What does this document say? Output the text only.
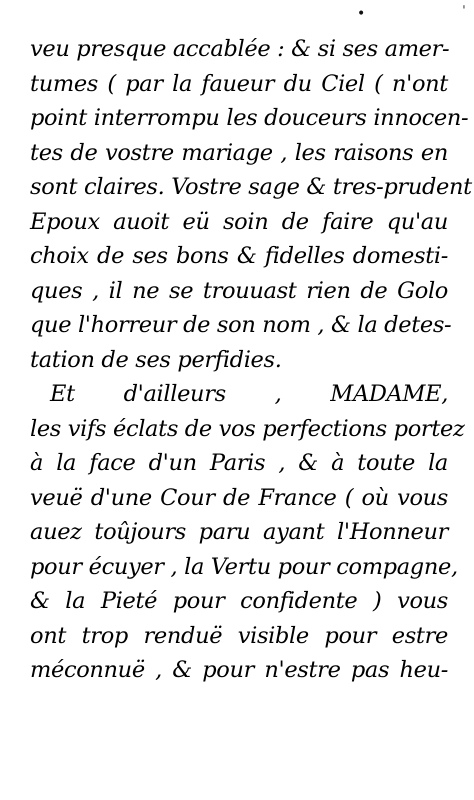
•	ˈ
veu presque accablée : & si ses amer-
tumes ( par la faueur du Ciel ( n'ont
point interrompu les douceurs innocen-
tes de vostre mariage , les raisons en
sont claires. Vostre sage & tres-prudent
Epoux auoit eü soin de faire qu'au
choix de ses bons & fidelles domesti-
ques , il ne se trouuast rien de Golo
que l'horreur de son nom , & la detes-
tation de ses perfidies.
Et d'ailleurs , MADAME,
les vifs éclats de vos perfections portez
à la face d'un Paris , & à toute la
veuë d'une Cour de France ( où vous
auez toûjours paru ayant l'Honneur
pour écuyer , la Vertu pour compagne,
& la Pieté pour confidente ) vous
ont trop renduë visible pour estre
méconnuë , & pour n'estre pas heu-
